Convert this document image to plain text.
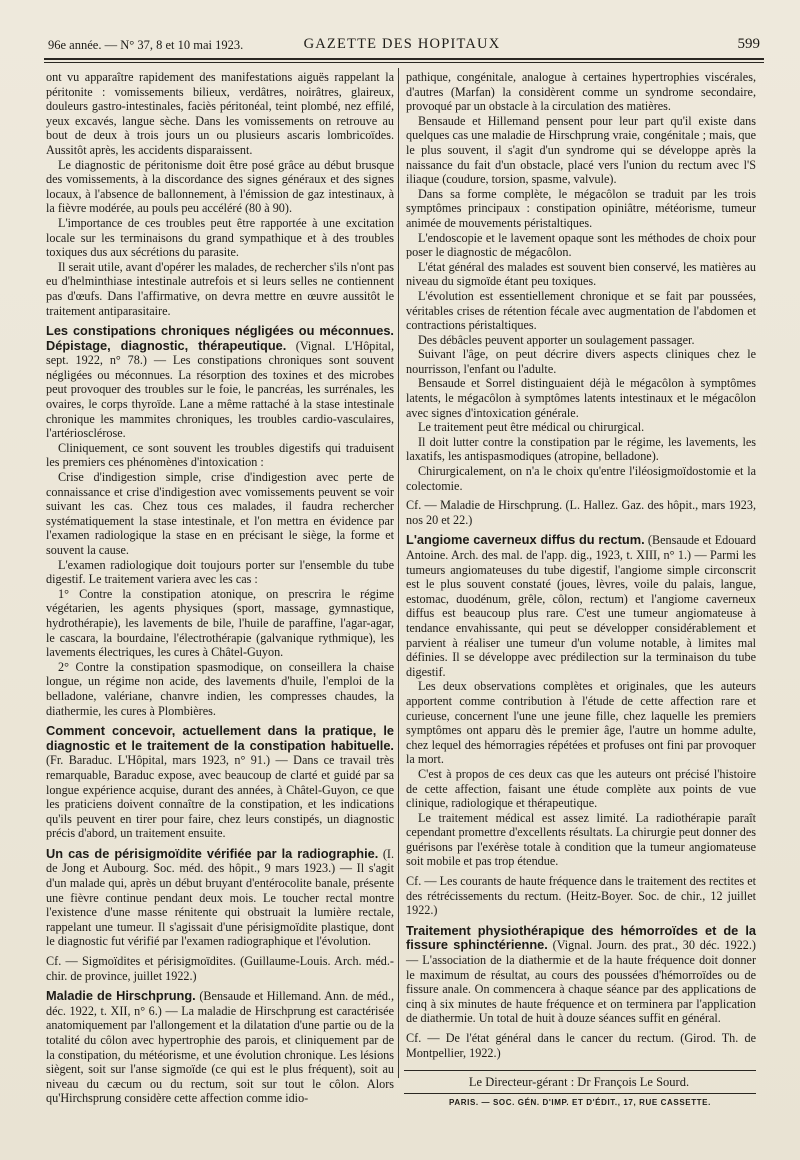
96e année. — N° 37, 8 et 10 mai 1923.	GAZETTE DES HOPITAUX	599

ont vu apparaître rapidement des manifestations aiguës rappelant la péritonite : vomissements bilieux, verdâtres, noirâtres, glaireux, douleurs gastro-intestinales, faciès péritonéal, teint plombé, nez effilé, yeux excavés, langue sèche. Dans les vomissements on retrouve au bout de deux à trois jours un ou plusieurs ascaris lombricoïdes. Aussitôt après, les accidents disparaissent.

Le diagnostic de péritonisme doit être posé grâce au début brusque des vomissements, à la discordance des signes généraux et des signes locaux, à l'absence de ballonnement, à l'émission de gaz intestinaux, à la fièvre modérée, au pouls peu accéléré (80 à 90).

L'importance de ces troubles peut être rapportée à une excitation locale sur les terminaisons du grand sympathique et à des troubles toxiques dus aux sécrétions du parasite.

Il serait utile, avant d'opérer les malades, de rechercher s'ils n'ont pas eu d'helminthiase intestinale autrefois et si leurs selles ne contiennent pas d'œufs. Dans l'affirmative, on devra mettre en œuvre aussitôt le traitement antiparasitaire.

Les constipations chroniques négligées ou méconnues. Dépistage, diagnostic, thérapeutique. (Vignal. L'Hôpital, sept. 1922, n° 78.) — Les constipations chroniques sont souvent négligées ou méconnues. La résorption des toxines et des microbes peut provoquer des troubles sur le foie, le pancréas, les surrénales, les ovaires, le corps thyroïde. Lane a même rattaché à la stase intestinale chronique les mammites chroniques, les troubles cardio-vasculaires, l'artériosclérose.

Cliniquement, ce sont souvent les troubles digestifs qui traduisent les premiers ces phénomènes d'intoxication :

Crise d'indigestion simple, crise d'indigestion avec perte de connaissance et crise d'indigestion avec vomissements peuvent se voir suivant les cas. Chez tous ces malades, il faudra rechercher systématiquement la stase intestinale, et l'on mettra en évidence par l'examen radiologique la stase en en précisant le siège, la forme et souvent la cause.

L'examen radiologique doit toujours porter sur l'ensemble du tube digestif. Le traitement variera avec les cas :

1° Contre la constipation atonique, on prescrira le régime végétarien, les agents physiques (sport, massage, gymnastique, hydrothérapie), les lavements de bile, l'huile de paraffine, l'agar-agar, le cascara, la bourdaine, l'électrothérapie (galvanique rythmique), les lavements électriques, les cures à Châtel-Guyon.

2° Contre la constipation spasmodique, on conseillera la chaise longue, un régime non acide, des lavements d'huile, l'emploi de la belladone, valériane, chanvre indien, les compresses chaudes, la diathermie, les cures à Plombières.

Comment concevoir, actuellement dans la pratique, le diagnostic et le traitement de la constipation habituelle. (Fr. Baraduc. L'Hôpital, mars 1923, n° 91.) — Dans ce travail très remarquable, Baraduc expose, avec beaucoup de clarté et guidé par sa longue expérience acquise, durant des années, à Châtel-Guyon, ce que les praticiens doivent connaître de la constipation, et les indications qu'ils peuvent en tirer pour faire, chez leurs constipés, un diagnostic précis d'abord, un traitement ensuite.

Un cas de périsigmoïdite vérifiée par la radiographie. (I. de Jong et Aubourg. Soc. méd. des hôpit., 9 mars 1923.) — Il s'agit d'un malade qui, après un début bruyant d'entérocolite banale, présente une fièvre continue pendant deux mois. Le toucher rectal montre l'existence d'une masse rénitente qui obstruait la lumière rectale, rappelant une tumeur. Il s'agissait d'une périsigmoïdite plastique, dont le diagnostic fut vérifié par l'examen radiographique et l'évolution.

Cf. — Sigmoïdites et périsigmoïdites. (Guillaume-Louis. Arch. méd.-chir. de province, juillet 1922.)

Maladie de Hirschprung. (Bensaude et Hillemand. Ann. de méd., déc. 1922, t. XII, n° 6.) — La maladie de Hirschprung est caractérisée anatomiquement par l'allongement et la dilatation d'une partie ou de la totalité du côlon avec hypertrophie des parois, et cliniquement par de la constipation, du météorisme, et une évolution chronique. Les lésions siègent, soit sur l'anse sigmoïde (ce qui est le plus fréquent), soit au niveau du cæcum ou du rectum, soit sur tout le côlon. Alors qu'Hirchsprung considère cette affection comme idio-

pathique, congénitale, analogue à certaines hypertrophies viscérales, d'autres (Marfan) la considèrent comme un syndrome secondaire, provoqué par un obstacle à la circulation des matières.

Bensaude et Hillemand pensent pour leur part qu'il existe dans quelques cas une maladie de Hirschprung vraie, congénitale ; mais, que le plus souvent, il s'agit d'un syndrome qui se développe après la naissance du fait d'un obstacle, placé vers l'union du rectum avec l'S iliaque (coudure, torsion, spasme, valvule).

Dans sa forme complète, le mégacôlon se traduit par les trois symptômes principaux : constipation opiniâtre, météorisme, tumeur animée de mouvements péristaltiques.

L'endoscopie et le lavement opaque sont les méthodes de choix pour poser le diagnostic de mégacôlon.

L'état général des malades est souvent bien conservé, les matières au niveau du sigmoïde étant peu toxiques.

L'évolution est essentiellement chronique et se fait par poussées, véritables crises de rétention fécale avec augmentation de l'abdomen et contractions péristaltiques.

Des débâcles peuvent apporter un soulagement passager.

Suivant l'âge, on peut décrire divers aspects cliniques chez le nourrisson, l'enfant ou l'adulte.

Bensaude et Sorrel distinguaient déjà le mégacôlon à symptômes latents, le mégacôlon à symptômes latents intestinaux et le mégacôlon avec signes d'intoxication générale.

Le traitement peut être médical ou chirurgical.

Il doit lutter contre la constipation par le régime, les lavements, les laxatifs, les antispasmodiques (atropine, belladone).

Chirurgicalement, on n'a le choix qu'entre l'iléosigmoïdostomie et la colectomie.

Cf. — Maladie de Hirschprung. (L. Hallez. Gaz. des hôpit., mars 1923, nos 20 et 22.)

L'angiome caverneux diffus du rectum. (Bensaude et Edouard Antoine. Arch. des mal. de l'app. dig., 1923, t. XIII, n° 1.) — Parmi les tumeurs angiomateuses du tube digestif, l'angiome simple circonscrit est le plus souvent constaté (joues, lèvres, voile du palais, langue, estomac, duodénum, grêle, côlon, rectum) et l'angiome caverneux diffus est beaucoup plus rare. C'est une tumeur angiomateuse à tendance envahissante, qui peut se développer considérablement et parvient à réaliser une tumeur d'un volume notable, à limites mal définies. Il se développe avec prédilection sur la terminaison du tube digestif.

Les deux observations complètes et originales, que les auteurs apportent comme contribution à l'étude de cette affection rare et curieuse, concernent l'une une jeune fille, chez laquelle les premiers symptômes ont apparu dès le premier âge, l'autre un homme adulte, chez lequel des hémorragies répétées et profuses ont fini par provoquer la mort.

C'est à propos de ces deux cas que les auteurs ont précisé l'histoire de cette affection, faisant une étude complète aux points de vue clinique, radiologique et thérapeutique.

Le traitement médical est assez limité. La radiothérapie paraît cependant promettre d'excellents résultats. La chirurgie peut donner des guérisons par l'exérèse totale à condition que la tumeur angiomateuse soit mobile et pas trop étendue.

Cf. — Les courants de haute fréquence dans le traitement des rectites et des rétrécissements du rectum. (Heitz-Boyer. Soc. de chir., 12 juillet 1922.)

Traitement physiothérapique des hémorroïdes et de la fissure sphinctérienne. (Vignal. Journ. des prat., 30 déc. 1922.) — L'association de la diathermie et de la haute fréquence doit donner le maximum de résultat, au cours des poussées d'hémorroïdes ou de fissure anale. On commencera à chaque séance par des applications de cinq à six minutes de haute fréquence et on terminera par l'application de diathermie. Un total de huit à douze séances suffit en général.

Cf. — De l'état général dans le cancer du rectum. (Girod. Th. de Montpellier, 1922.)

Le Directeur-gérant : Dr François Le Sourd.
PARIS. — SOC. GÉN. D'IMP. ET D'ÉDIT., 17, RUE CASSETTE.
